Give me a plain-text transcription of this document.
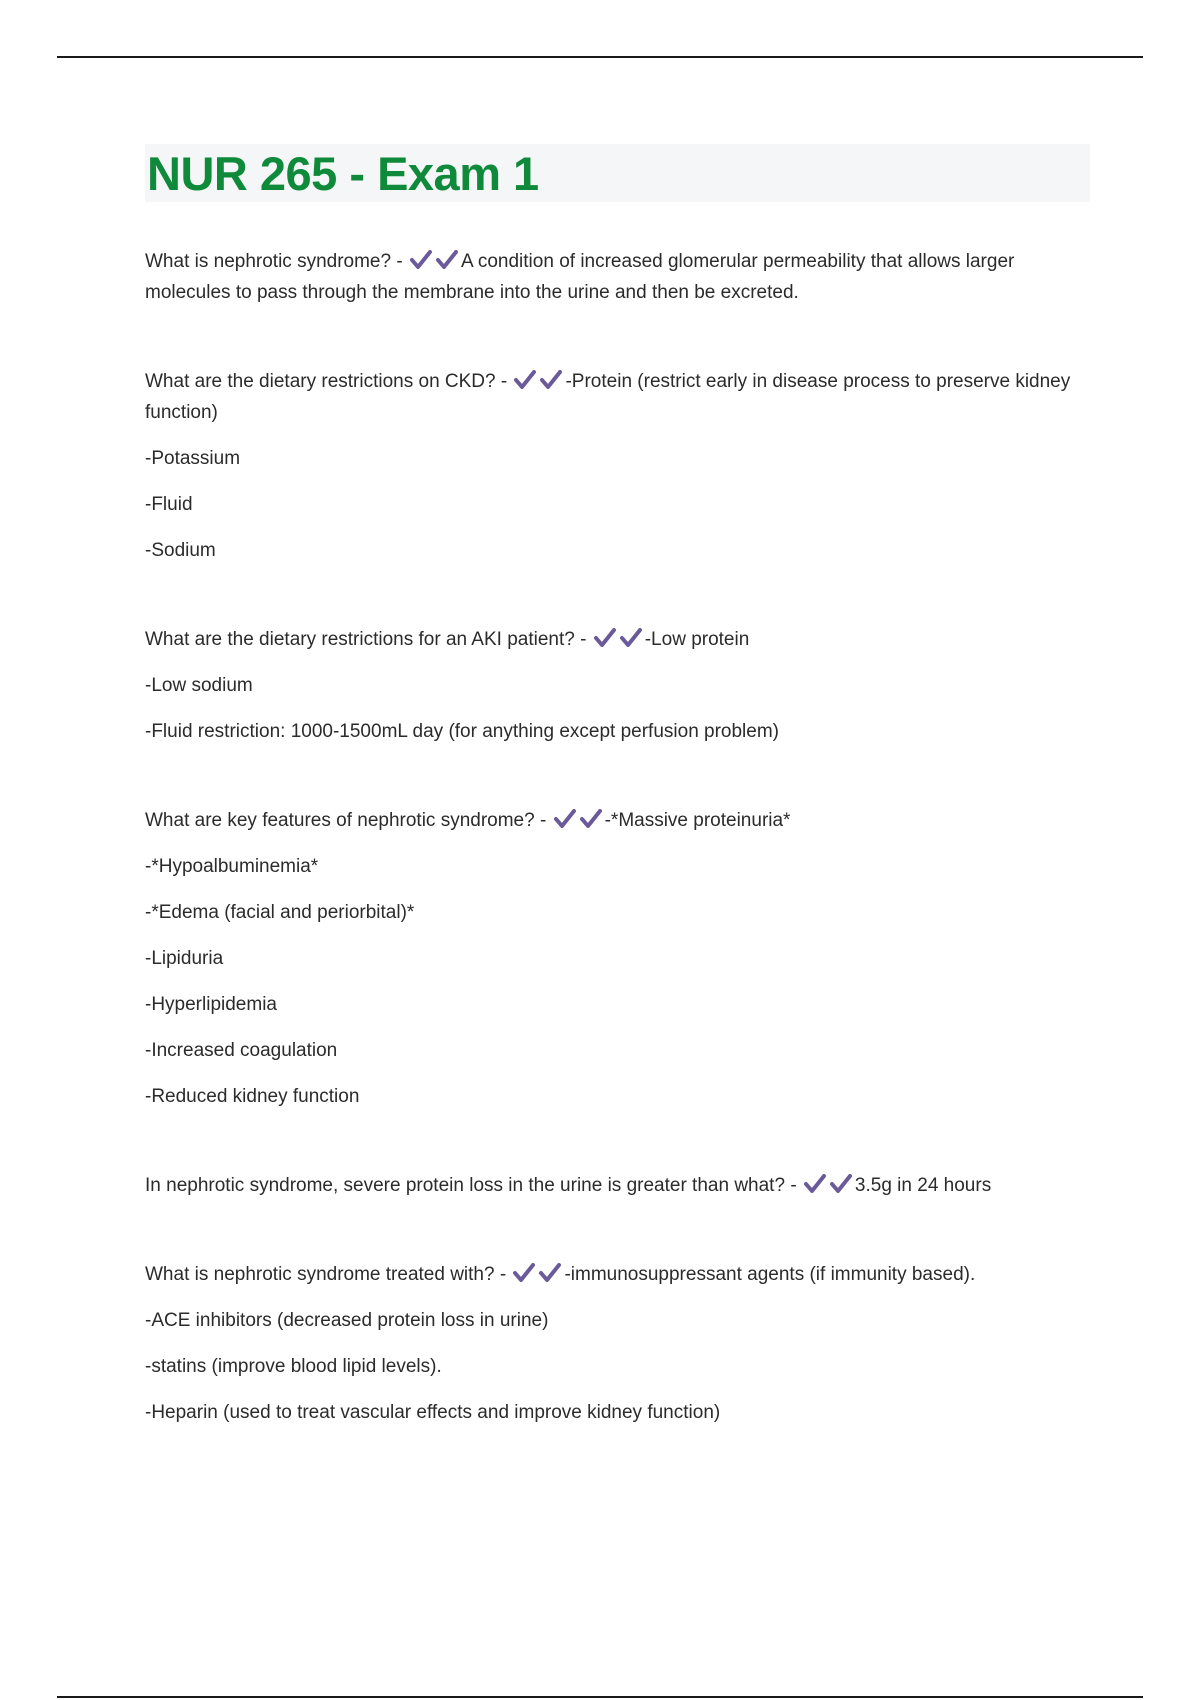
NUR 265 - Exam 1

What is nephrotic syndrome? -	A condition of increased glomerular permeability that allows larger molecules to pass through the membrane into the urine and then be excreted.

What are the dietary restrictions on CKD? -	-Protein (restrict early in disease process to preserve kidney function)

-Potassium

-Fluid

-Sodium

What are the dietary restrictions for an AKI patient? -	-Low protein

-Low sodium

-Fluid restriction: 1000-1500mL day (for anything except perfusion problem)

What are key features of nephrotic syndrome? -	-*Massive proteinuria*

-*Hypoalbuminemia*

-*Edema (facial and periorbital)*

-Lipiduria

-Hyperlipidemia

-Increased coagulation

-Reduced kidney function

In nephrotic syndrome, severe protein loss in the urine is greater than what? -	3.5g in 24 hours

What is nephrotic syndrome treated with? -	-immunosuppressant agents (if immunity based).

-ACE inhibitors (decreased protein loss in urine)

-statins (improve blood lipid levels).

-Heparin (used to treat vascular effects and improve kidney function)
